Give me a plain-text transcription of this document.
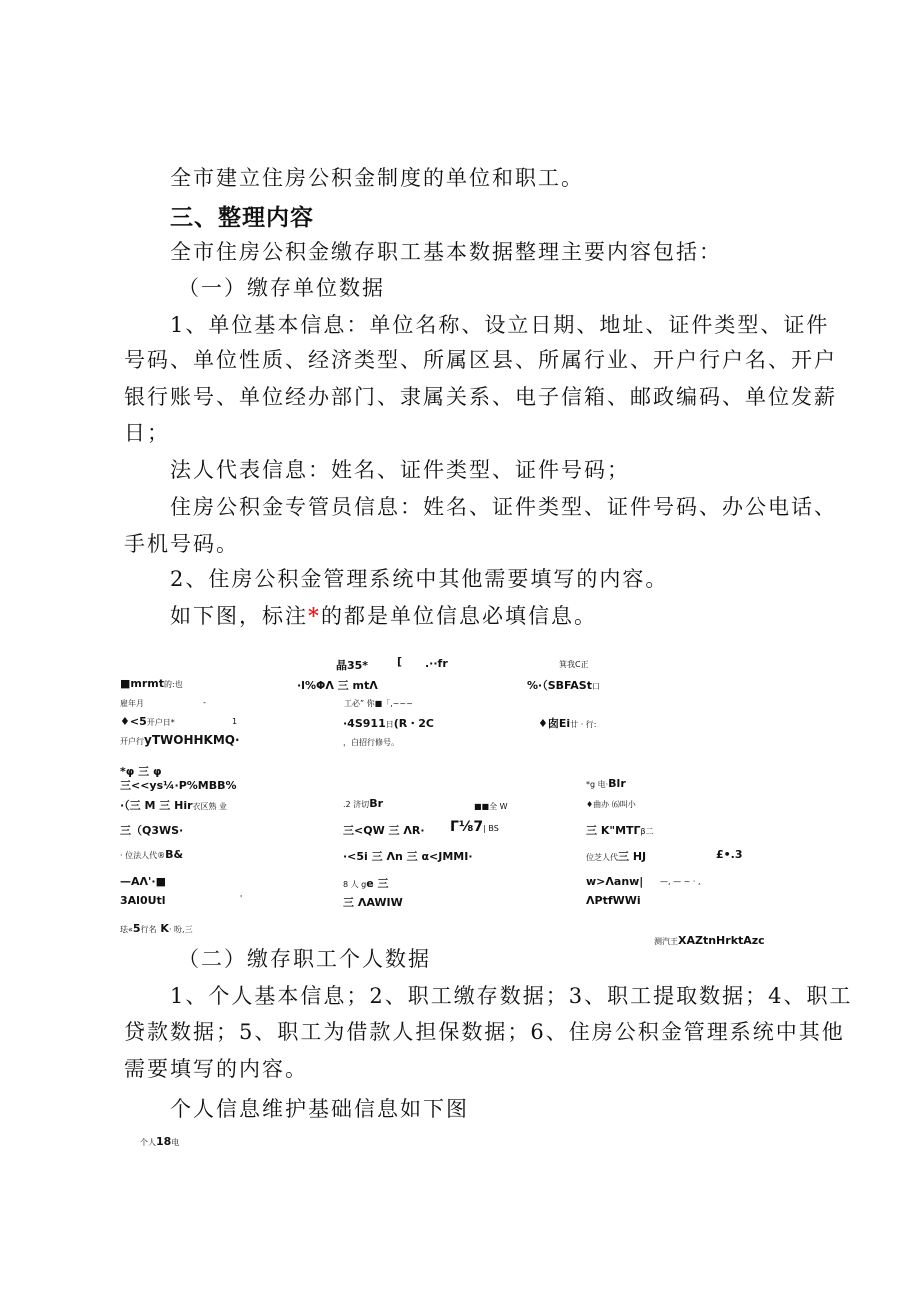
全市建立住房公积金制度的单位和职工。
三、整理内容
全市住房公积金缴存职工基本数据整理主要内容包括：
（一）缴存单位数据
1、单位基本信息：单位名称、设立日期、地址、证件类型、证件
号码、单位性质、经济类型、所属区县、所属行业、开户行户名、开户
银行账号、单位经办部门、隶属关系、电子信箱、邮政编码、单位发薪
日；
法人代表信息：姓名、证件类型、证件号码；
住房公积金专管员信息：姓名、证件类型、证件号码、办公电话、
手机号码。
2、住房公积金管理系统中其他需要填写的内容。
如下图，标注*的都是单位信息必填信息。
晶35*	[ .··fr	箕我C正
■mrmt的:也	·l%ΦΛ 三 mtΛ	%·（SBFASt口
雇年月	-	工必” 你■「,~~~
♦<5开户日*	1	·4S911日(R・2C	♦囱Ei廿 · 行:
开户行yTWOHHKMQ·	，白招行修号。
*φ 三 φ
三<<ys¼·P%MBB%	*g 电·Blr
·（三 M 三 Hir衣区熟 业	.2 济切Br	■■全 W	♦曲办 ⑹叫小
三（Q3WS·	三<QW 三 ΛR· Γ⅛7| BS	三 K"MTΓβ二
· 位法人代®B&	·<5i 三 Λn 三 α<JMMI·	位芝人代三 HJ	£•.3
—AΛ'·■	8 人 ge 三	w>Λanw| —, — ~ · ,
3Al0Utl	'	三 ΛAWIW	ΛPtfWWi
珐«5行名 K· 吩,三
测汽王XAZtnHrktAzc
（二）缴存职工个人数据
1、个人基本信息；2、职工缴存数据；3、职工提取数据；4、职工
贷款数据；5、职工为借款人担保数据；6、住房公积金管理系统中其他
需要填写的内容。
个人信息维护基础信息如下图
个人18电
